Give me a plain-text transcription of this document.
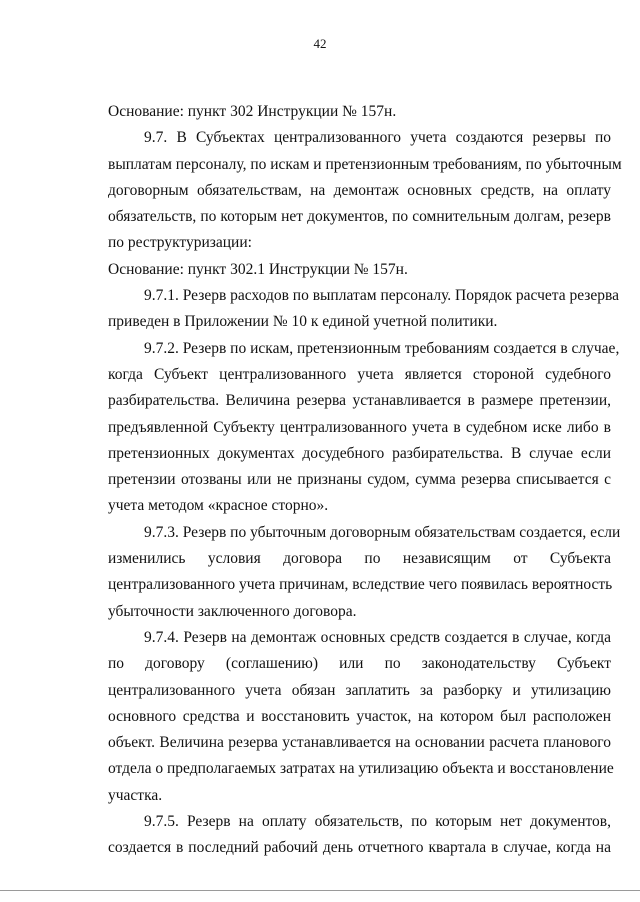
42
Основание: пункт 302 Инструкции № 157н.
9.7. В Субъектах централизованного учета создаются резервы по
выплатам персоналу, по искам и претензионным требованиям, по убыточным
договорным обязательствам, на демонтаж основных средств, на оплату
обязательств, по которым нет документов, по сомнительным долгам, резерв
по реструктуризации:
Основание: пункт 302.1 Инструкции № 157н.
9.7.1. Резерв расходов по выплатам персоналу. Порядок расчета резерва
приведен в Приложении № 10 к единой учетной политики.
9.7.2. Резерв по искам, претензионным требованиям создается в случае,
когда Субъект централизованного учета является стороной судебного
разбирательства. Величина резерва устанавливается в размере претензии,
предъявленной Субъекту централизованного учета в судебном иске либо в
претензионных документах досудебного разбирательства. В случае если
претензии отозваны или не признаны судом, сумма резерва списывается с
учета методом «красное сторно».
9.7.3. Резерв по убыточным договорным обязательствам создается, если
изменились условия договора по независящим от Субъекта
централизованного учета причинам, вследствие чего появилась вероятность
убыточности заключенного договора.
9.7.4. Резерв на демонтаж основных средств создается в случае, когда
по договору (соглашению) или по законодательству Субъект
централизованного учета обязан заплатить за разборку и утилизацию
основного средства и восстановить участок, на котором был расположен
объект. Величина резерва устанавливается на основании расчета планового
отдела о предполагаемых затратах на утилизацию объекта и восстановление
участка.
9.7.5. Резерв на оплату обязательств, по которым нет документов,
создается в последний рабочий день отчетного квартала в случае, когда на
